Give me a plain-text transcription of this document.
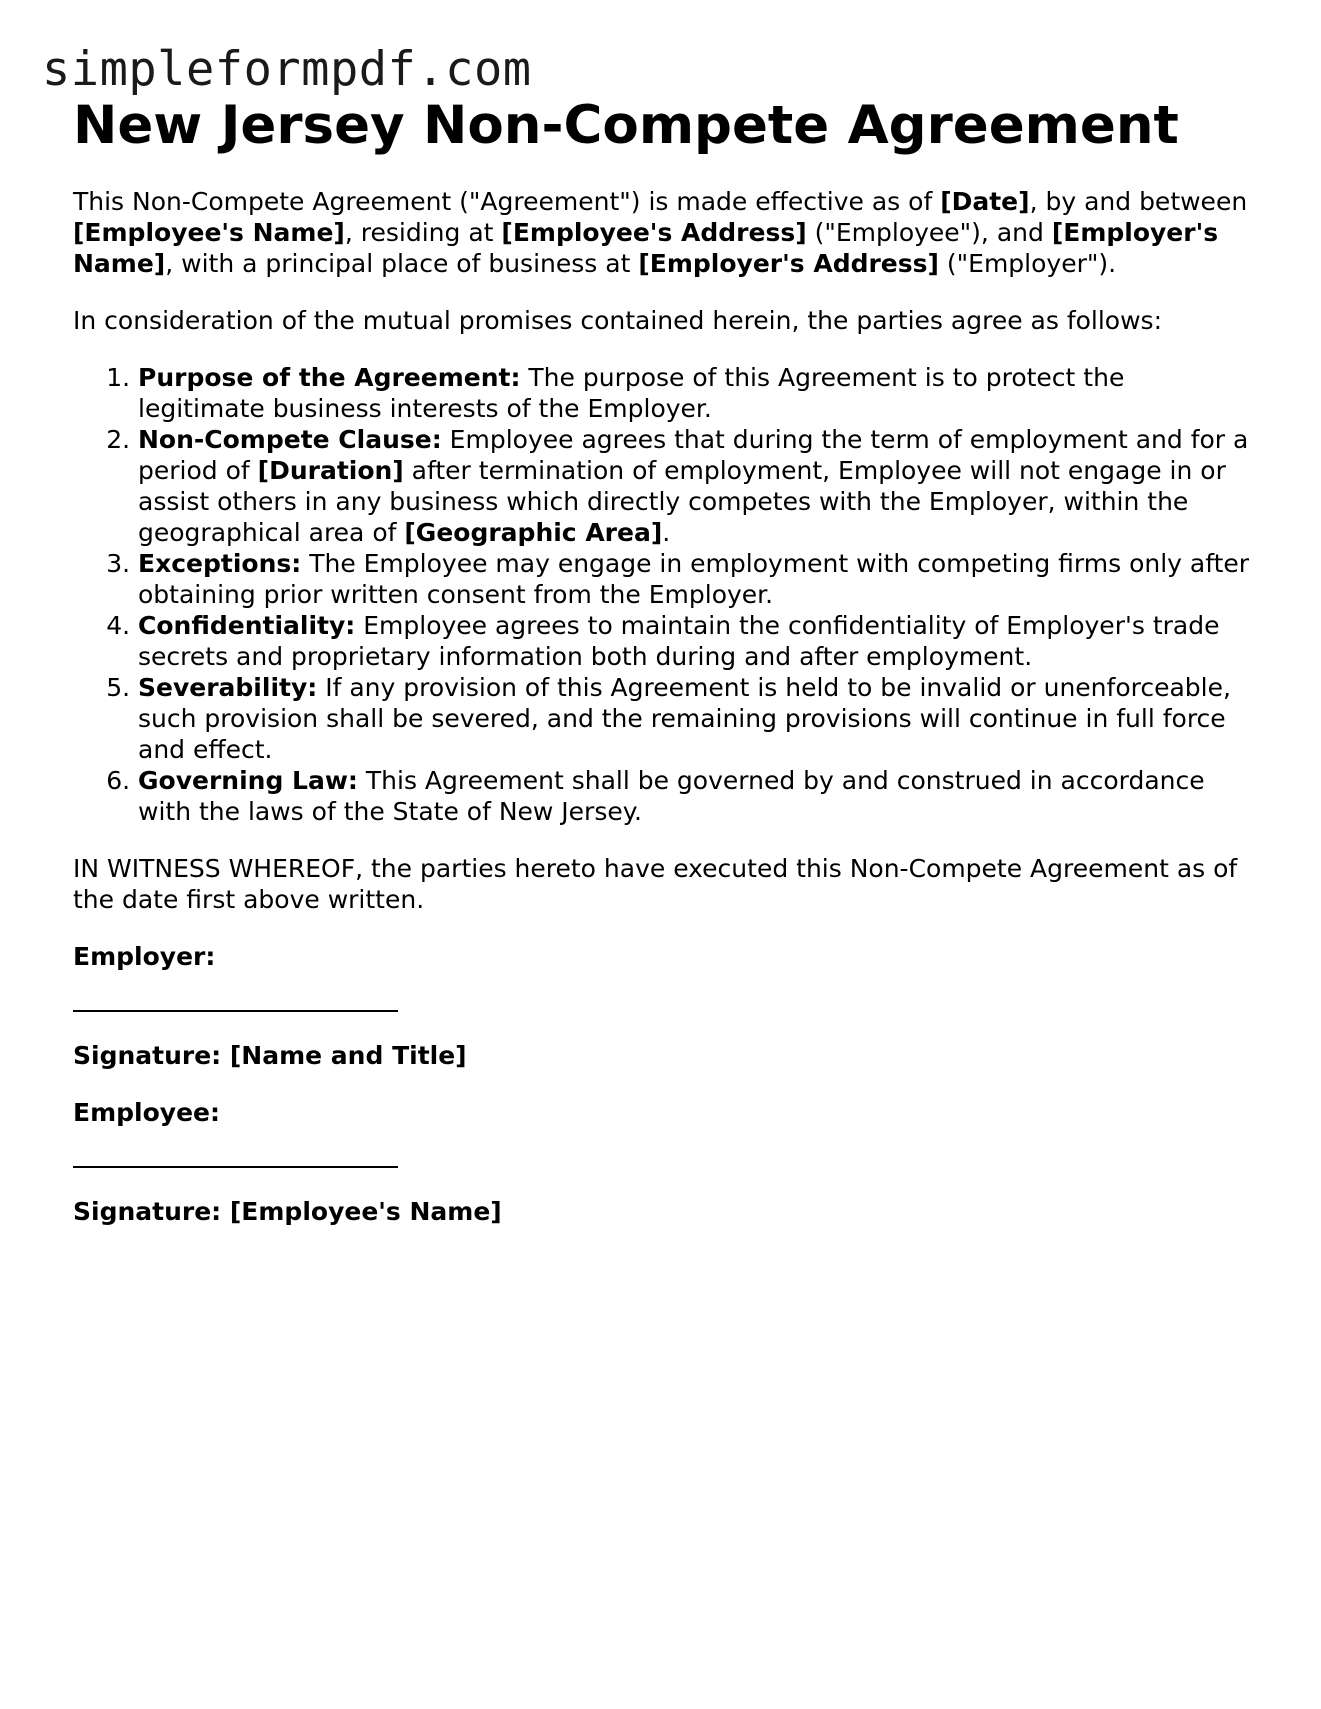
simpleformpdf.com
New Jersey Non-Compete Agreement

This Non-Compete Agreement ("Agreement") is made effective as of [Date], by and between [Employee's Name], residing at [Employee's Address] ("Employee"), and [Employer's Name], with a principal place of business at [Employer's Address] ("Employer").

In consideration of the mutual promises contained herein, the parties agree as follows:

1. Purpose of the Agreement: The purpose of this Agreement is to protect the legitimate business interests of the Employer.
2. Non-Compete Clause: Employee agrees that during the term of employment and for a period of [Duration] after termination of employment, Employee will not engage in or assist others in any business which directly competes with the Employer, within the geographical area of [Geographic Area].
3. Exceptions: The Employee may engage in employment with competing firms only after obtaining prior written consent from the Employer.
4. Confidentiality: Employee agrees to maintain the confidentiality of Employer's trade secrets and proprietary information both during and after employment.
5. Severability: If any provision of this Agreement is held to be invalid or unenforceable, such provision shall be severed, and the remaining provisions will continue in full force and effect.
6. Governing Law: This Agreement shall be governed by and construed in accordance with the laws of the State of New Jersey.

IN WITNESS WHEREOF, the parties hereto have executed this Non-Compete Agreement as of the date first above written.

Employer:

Signature: [Name and Title]

Employee:

Signature: [Employee's Name]
